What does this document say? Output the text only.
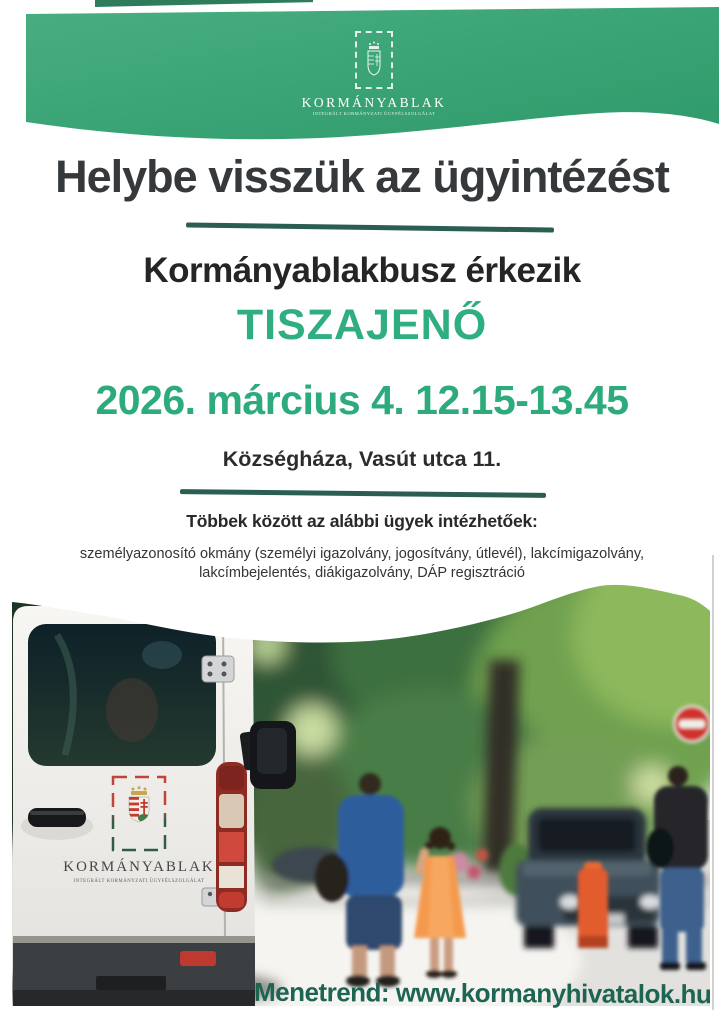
KORMÁNYABLAK
INTEGRÁLT KORMÁNYZATI ÜGYFÉLSZOLGÁLAT
Helybe visszük az ügyintézést
Kormányablakbusz érkezik
TISZAJENŐ
2026. március 4. 12.15-13.45
Községháza, Vasút utca 11.
Többek között az alábbi ügyek intézhetőek:
személyazonosító okmány (személyi igazolvány, jogosítvány, útlevél), lakcímigazolvány,
lakcímbejelentés, diákigazolvány, DÁP regisztráció
KORMÁNYABLAK
INTEGRÁLT KORMÁNYZATI ÜGYFÉLSZOLGÁLAT
Menetrend: www.kormanyhivatalok.hu
